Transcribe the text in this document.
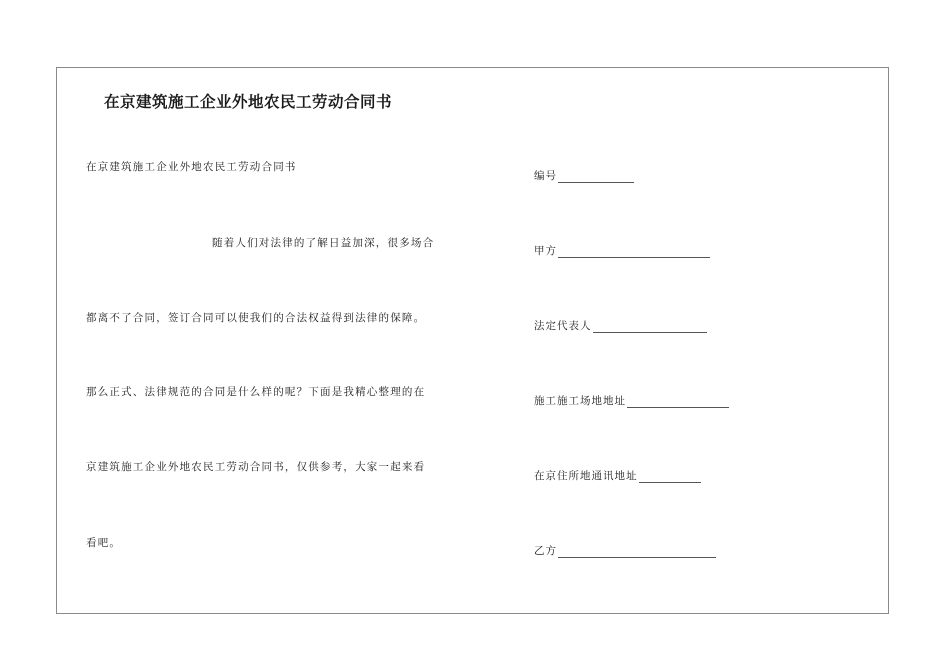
在京建筑施工企业外地农民工劳动合同书
在京建筑施工企业外地农民工劳动合同书
随着人们对法律的了解日益加深，很多场合
都离不了合同，签订合同可以使我们的合法权益得到法律的保障。
那么正式、法律规范的合同是什么样的呢？下面是我精心整理的在
京建筑施工企业外地农民工劳动合同书，仅供参考，大家一起来看
看吧。
编号
甲方
法定代表人
施工施工场地地址
在京住所地通讯地址
乙方
